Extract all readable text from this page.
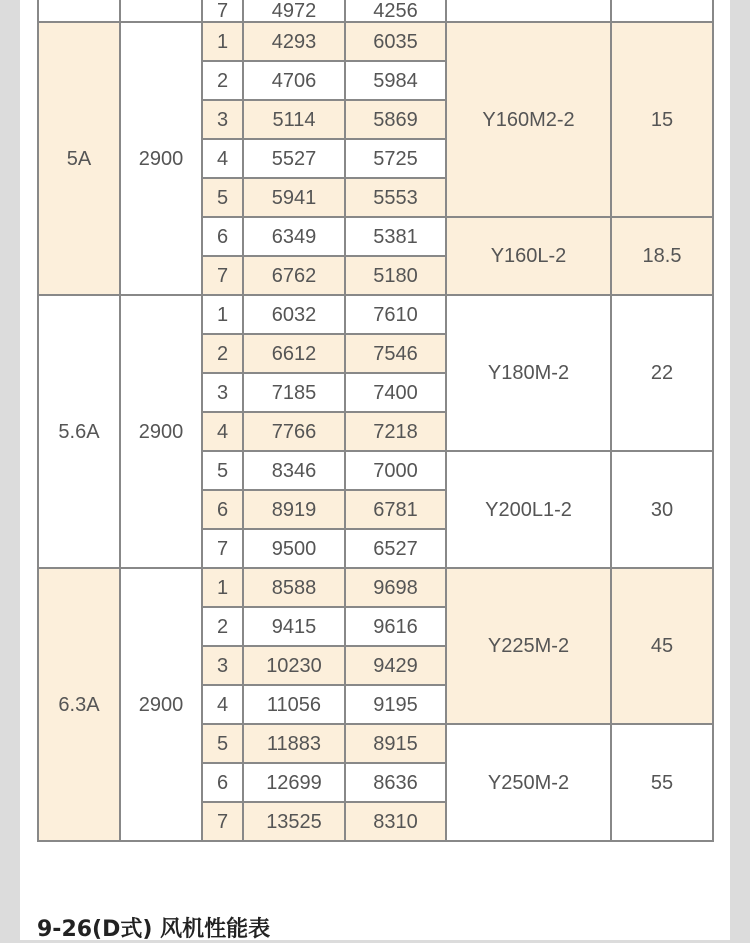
		7	4972	4256		
5A	2900	1	4293	6035	Y160M2-2	15
		2	4706	5984		
		3	5114	5869		
		4	5527	5725		
		5	5941	5553		
		6	6349	5381	Y160L-2	18.5
		7	6762	5180		
5.6A	2900	1	6032	7610	Y180M-2	22
		2	6612	7546		
		3	7185	7400		
		4	7766	7218		
		5	8346	7000	Y200L1-2	30
		6	8919	6781		
		7	9500	6527		
6.3A	2900	1	8588	9698	Y225M-2	45
		2	9415	9616		
		3	10230	9429		
		4	11056	9195		
		5	11883	8915	Y250M-2	55
		6	12699	8636		
		7	13525	8310		
9-26(D式) 风机性能表
